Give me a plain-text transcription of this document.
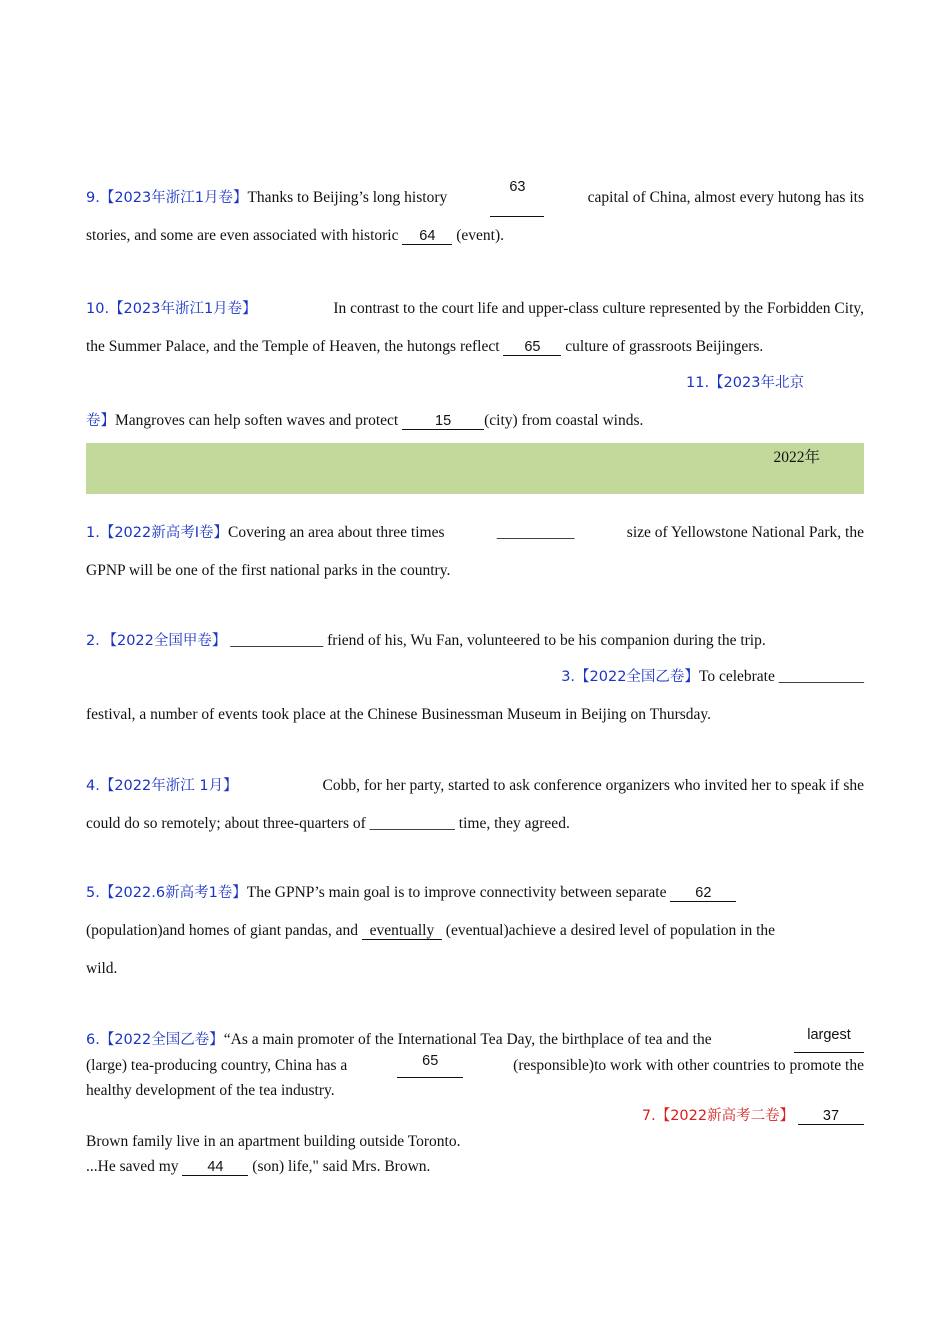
9.【2023年浙江1月卷】Thanks to Beijing’s long history
63
capital of China, almost every hutong has its
stories, and some are even associated with historic 64 (event).
10.【2023年浙江1月卷】	In contrast to the court life and upper-class culture represented by the Forbidden City,
the Summer Palace, and the Temple of Heaven, the hutongs reflect 65 culture of grassroots Beijingers.
11.【2023年北京
卷】Mangroves can help soften waves and protect	15 (city) from coastal winds.
2022年
1.【2022新高考I卷】Covering an area about three times	__________	size of Yellowstone National Park, the
GPNP will be one of the first national parks in the country.
2．【2022全国甲卷】 ____________ friend of his, Wu Fan, volunteered to be his companion during the trip.
3.【2022全国乙卷】To celebrate ___________
festival, a number of events took place at the Chinese Businessman Museum in Beijing on Thursday.
4.【2022年浙江 1月】	Cobb, for her party, started to ask conference organizers who invited her to speak if she
could do so remotely; about three-quarters of ___________ time, they agreed.
5.【2022.6新高考1卷】The GPNP’s main goal is to improve connectivity between separate 62
(population)and homes of giant pandas, and eventually (eventual)achieve a desired level of population in the
wild.
6.【2022全国乙卷】“As a main promoter of the International Tea Day, the birthplace of tea and the	largest
(large) tea-producing country, China has a	65	(responsible)to work with other countries to promote the
healthy development of the tea industry.
7.【2022新高考二卷】 37
Brown family live in an apartment building outside Toronto.
...He saved my 44 (son) life," said Mrs. Brown.
